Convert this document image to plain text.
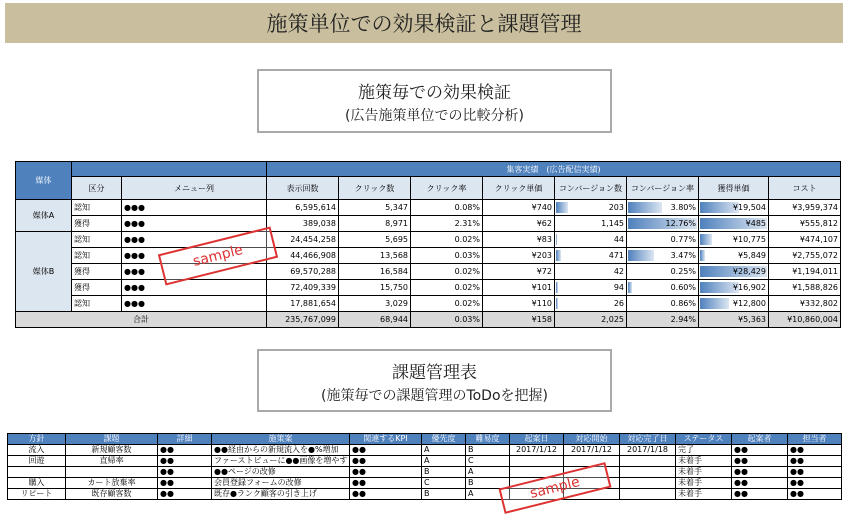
施策単位での効果検証と課題管理
施策毎での効果検証
(広告施策単位での比較分析)
媒体			集客実績　(広告配信実績)							
	区分	メニュー列	表示回数	クリック数	クリック率	クリック単価	コンバージョン数	コンバージョン率	獲得単価	コスト
媒体A	認知	●●●	6,595,614	5,347	0.08%	¥740	203	3.80%	¥19,504	¥3,959,374
	獲得	●●●	389,038	8,971	2.31%	¥62	1,145	12.76%	¥485	¥555,812
媒体B	認知	●●●	24,454,258	5,695	0.02%	¥83	44	0.77%	¥10,775	¥474,107
	認知	●●●	44,466,908	13,568	0.03%	¥203	471	3.47%	¥5,849	¥2,755,072
	獲得	●●●	69,570,288	16,584	0.02%	¥72	42	0.25%	¥28,429	¥1,194,011
	獲得	●●●	72,409,339	15,750	0.02%	¥101	94	0.60%	¥16,902	¥1,588,826
	認知	●●●	17,881,654	3,029	0.02%	¥110	26	0.86%	¥12,800	¥332,802
合計			235,767,099	68,944	0.03%	¥158	2,025	2.94%	¥5,363	¥10,860,004
sample
課題管理表
(施策毎での課題管理のToDoを把握)
方針	課題	詳細	施策案	関連するKPI	優先度	難易度	起案日	対応開始	対応完了日	ステータス	起案者	担当者
流入	新規顧客数	●●	●●経由からの新規流入を●%増加	●●	A	B	2017/1/12	2017/1/12	2017/1/18	完了	●●	●●
回遊	直帰率	●●	ファーストビューに●●画像を増やす	●●	A	C				未着手	●●	●●
		●●	●●ページの改修	●●	B	A				未着手	●●	●●
購入	カート放棄率	●●	会員登録フォームの改修	●●	C	B				未着手	●●	●●
リピート	既存顧客数	●●	既存●ランク顧客の引き上げ	●●	B	A				未着手	●●	●●
sample
